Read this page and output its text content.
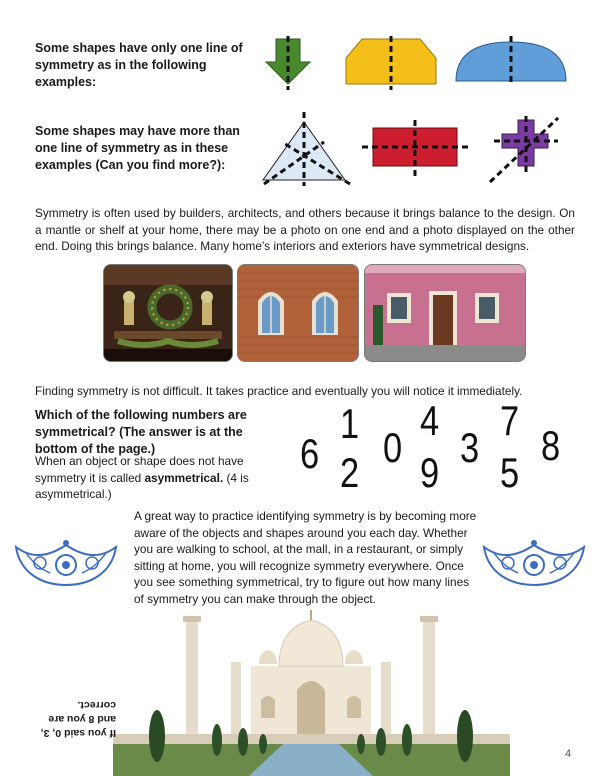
Some shapes have only one line of symmetry as in the following examples:
Some shapes may have more than one line of symmetry as in these examples (Can you find more?):
Symmetry is often used by builders, architects, and others because it brings balance to the design. On a mantle or shelf at your home, there may be a photo on one end and a photo displayed on the other end. Doing this brings balance. Many home’s interiors and exteriors have symmetrical designs.
Finding symmetry is not difficult. It takes practice and eventually you will notice it immediately.
Which of the following numbers are symmetrical? (The answer is at the bottom of the page.)
When an object or shape does not have symmetry it is called asymmetrical. (4 is asymmetrical.)
6
1
2
0
4
9
3
7
5
8
A great way to practice identifying symmetry is by becoming more aware of the objects and shapes around you each day. Whether you are walking to school, at the mall, in a restaurant, or simply sitting at home, you will recognize symmetry everywhere. Once you see something symmetrical, try to figure out how many lines of symmetry you can make through the object.
If you said 0, 3, and 8 you are correct.
4
